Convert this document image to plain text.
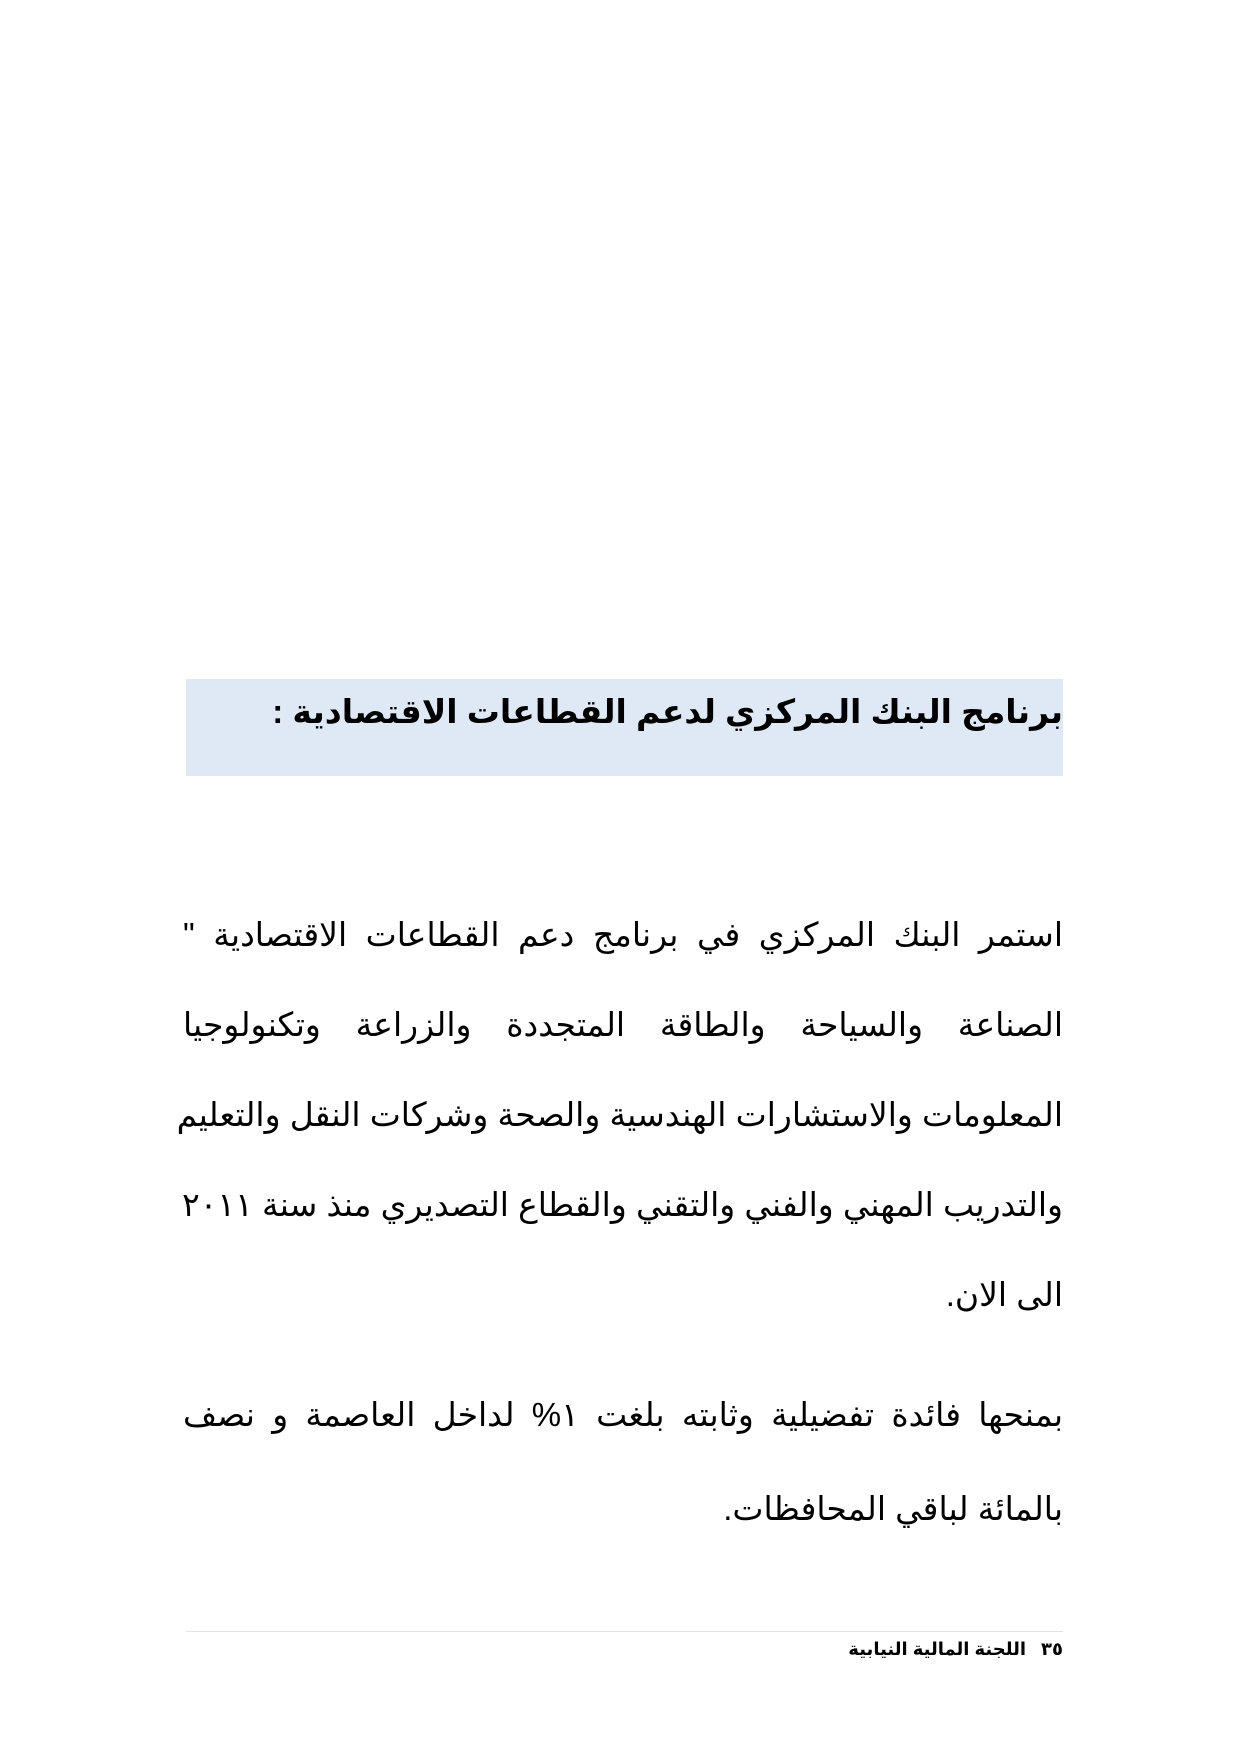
برنامج البنك المركزي لدعم القطاعات الاقتصادية :

استمر البنك المركزي في برنامج دعم القطاعات الاقتصادية "

الصناعة والسياحة والطاقة المتجددة والزراعة وتكنولوجيا

المعلومات والاستشارات الهندسية والصحة وشركات النقل والتعليم

والتدريب المهني والفني والتقني والقطاع التصديري منذ سنة ٢٠١١

الى الان.

بمنحها فائدة تفضيلية وثابته بلغت ١% لداخل العاصمة و نصف

بالمائة لباقي المحافظات.

٣٥ اللجنة المالية النيابية
